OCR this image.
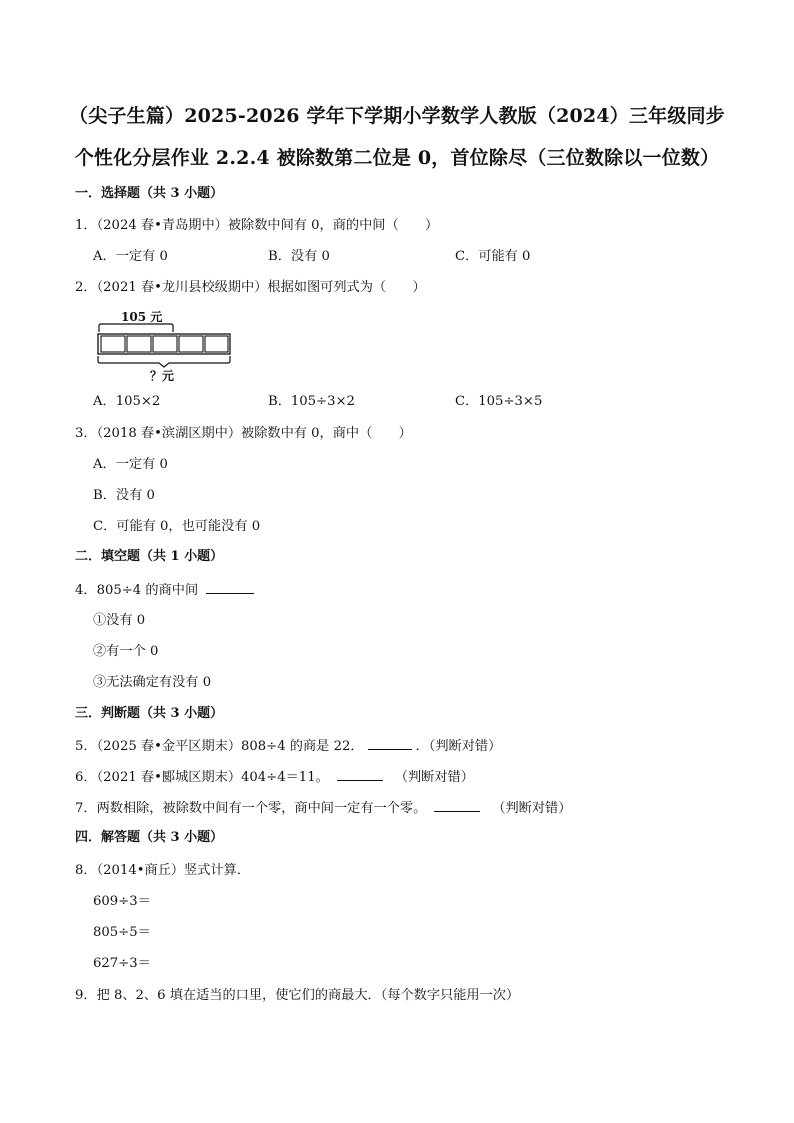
（尖子生篇）2025-2026 学年下学期小学数学人教版（2024）三年级同步
个性化分层作业 2.2.4 被除数第二位是 0，首位除尽（三位数除以一位数）
一．选择题（共 3 小题）
1．（2024 春•青岛期中）被除数中间有 0，商的中间（　　）
A．一定有 0	B．没有 0	C．可能有 0
2．（2021 春•龙川县校级期中）根据如图可列式为（　　）
105 元
？元
A．105×2	B．105÷3×2	C．105÷3×5
3．（2018 春•滨湖区期中）被除数中有 0，商中（　　）
A．一定有 0
B．没有 0
C．可能有 0，也可能没有 0
二．填空题（共 1 小题）
4．805÷4 的商中间
①没有 0
②有一个 0
③无法确定有没有 0
三．判断题（共 3 小题）
5．（2025 春•金平区期末）808÷4 的商是 22．	．（判断对错）
6．（2021 春•郾城区期末）404÷4＝11。	（判断对错）
7．两数相除，被除数中间有一个零，商中间一定有一个零。	（判断对错）
四．解答题（共 3 小题）
8．（2014•商丘）竖式计算．
609÷3＝
805÷5＝
627÷3＝
9．把 8、2、6 填在适当的口里，使它们的商最大．（每个数字只能用一次）
